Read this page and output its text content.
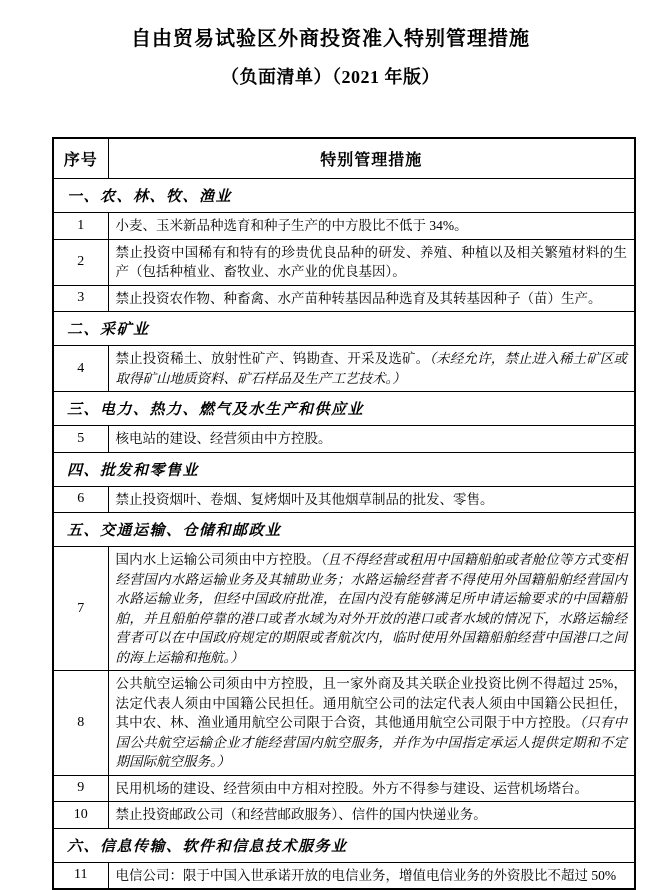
自由贸易试验区外商投资准入特别管理措施
（负面清单）（2021 年版）
序号	特别管理措施
一、农、林、牧、渔业	
1	小麦、玉米新品种选育和种子生产的中方股比不低于 34%。
2	禁止投资中国稀有和特有的珍贵优良品种的研发、养殖、种植以及相关繁殖材料的生产（包括种植业、畜牧业、水产业的优良基因）。
3	禁止投资农作物、种畜禽、水产苗种转基因品种选育及其转基因种子（苗）生产。
二、采矿业	
4	禁止投资稀土、放射性矿产、钨勘查、开采及选矿。（未经允许，禁止进入稀土矿区或取得矿山地质资料、矿石样品及生产工艺技术。）
三、电力、热力、燃气及水生产和供应业	
5	核电站的建设、经营须由中方控股。
四、批发和零售业	
6	禁止投资烟叶、卷烟、复烤烟叶及其他烟草制品的批发、零售。
五、交通运输、仓储和邮政业	
7	国内水上运输公司须由中方控股。（且不得经营或租用中国籍船舶或者舱位等方式变相经营国内水路运输业务及其辅助业务；水路运输经营者不得使用外国籍船舶经营国内水路运输业务，但经中国政府批准，在国内没有能够满足所申请运输要求的中国籍船舶，并且船舶停靠的港口或者水域为对外开放的港口或者水域的情况下，水路运输经营者可以在中国政府规定的期限或者航次内，临时使用外国籍船舶经营中国港口之间的海上运输和拖航。）
8	公共航空运输公司须由中方控股，且一家外商及其关联企业投资比例不得超过 25%，法定代表人须由中国籍公民担任。通用航空公司的法定代表人须由中国籍公民担任，其中农、林、渔业通用航空公司限于合资，其他通用航空公司限于中方控股。（只有中国公共航空运输企业才能经营国内航空服务，并作为中国指定承运人提供定期和不定期国际航空服务。）
9	民用机场的建设、经营须由中方相对控股。外方不得参与建设、运营机场塔台。
10	禁止投资邮政公司（和经营邮政服务）、信件的国内快递业务。
六、信息传输、软件和信息技术服务业	
11	电信公司：限于中国入世承诺开放的电信业务，增值电信业务的外资股比不超过 50%
